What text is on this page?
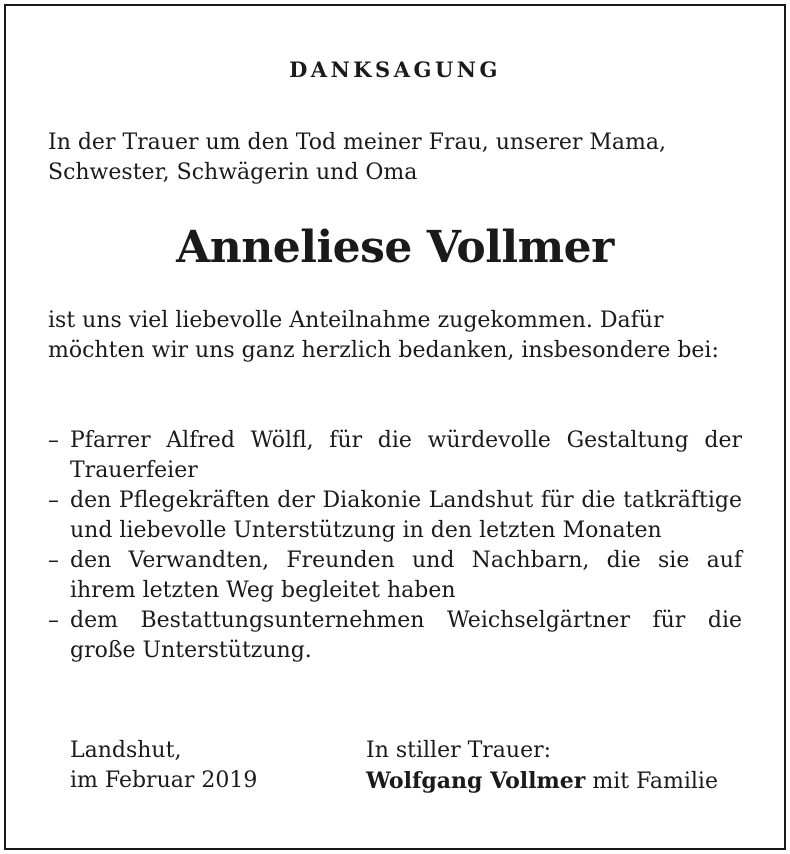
DANKSAGUNG
In der Trauer um den Tod meiner Frau, unserer Mama, Schwester, Schwägerin und Oma
Anneliese Vollmer
ist uns viel liebevolle Anteilnahme zugekommen. Dafür möchten wir uns ganz herzlich bedanken, insbesondere bei:
– Pfarrer Alfred Wölfl, für die würdevolle Gestaltung der Trauerfeier
– den Pflegekräften der Diakonie Landshut für die tatkräftige und liebevolle Unterstützung in den letzten Monaten
– den Verwandten, Freunden und Nachbarn, die sie auf ihrem letzten Weg begleitet haben
– dem Bestattungsunternehmen Weichselgärtner für die große Unterstützung.
Landshut,
im Februar 2019
In stiller Trauer:
Wolfgang Vollmer mit Familie
